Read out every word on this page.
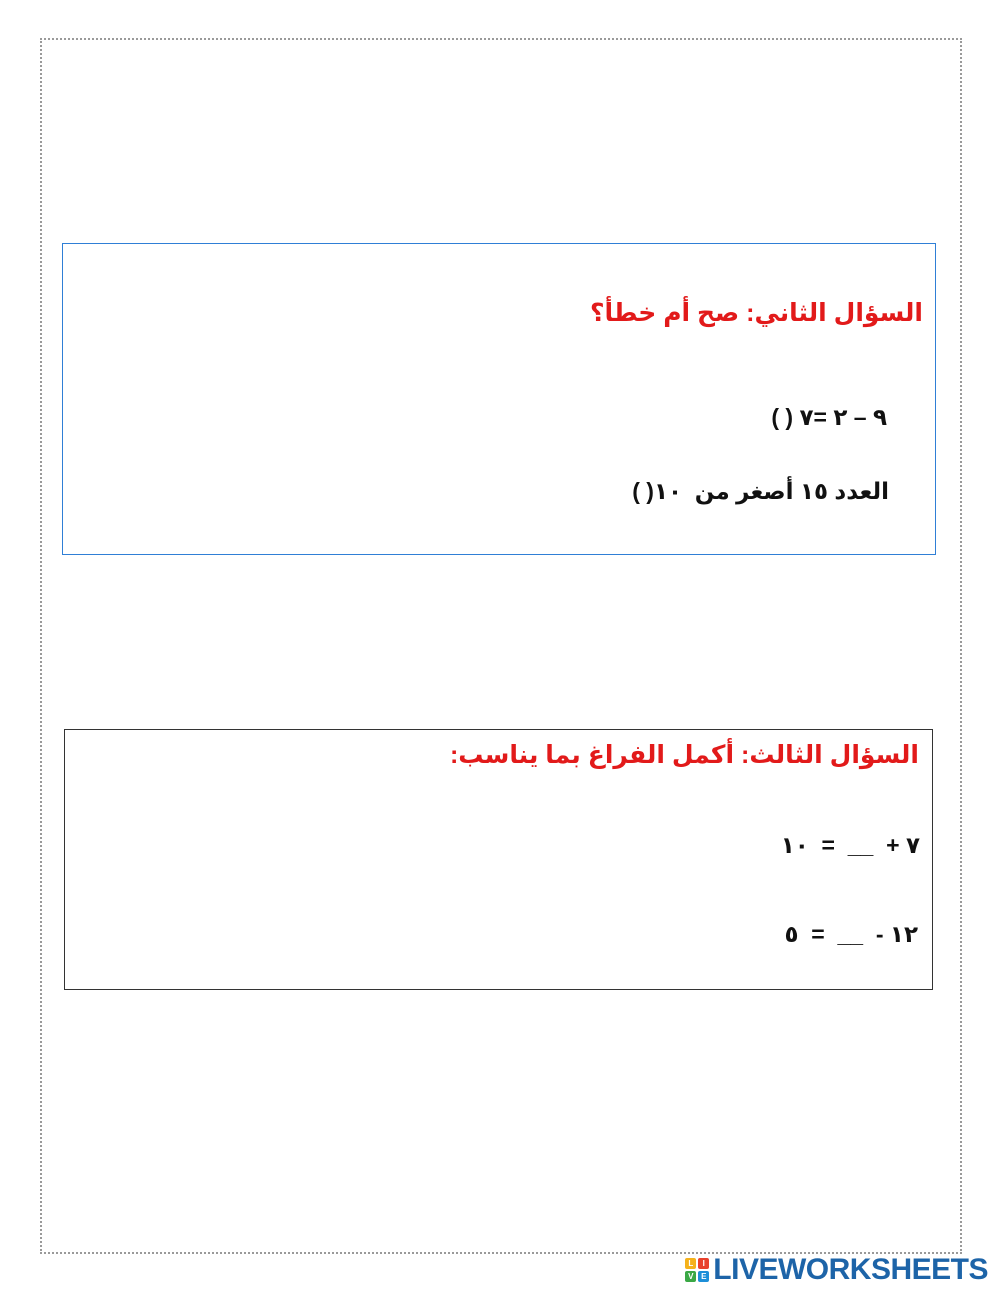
السؤال الثاني: صح أم خطأ؟
٩ – ٢ =٧ ( )
العدد ١٥ أصغر من  ١٠( )
السؤال الثالث: أكمل الفراغ بما يناسب:
٧ +  __  =  ١٠
١٢ -  __  =  ٥
L	I
V E LIVEWORKSHEETS
